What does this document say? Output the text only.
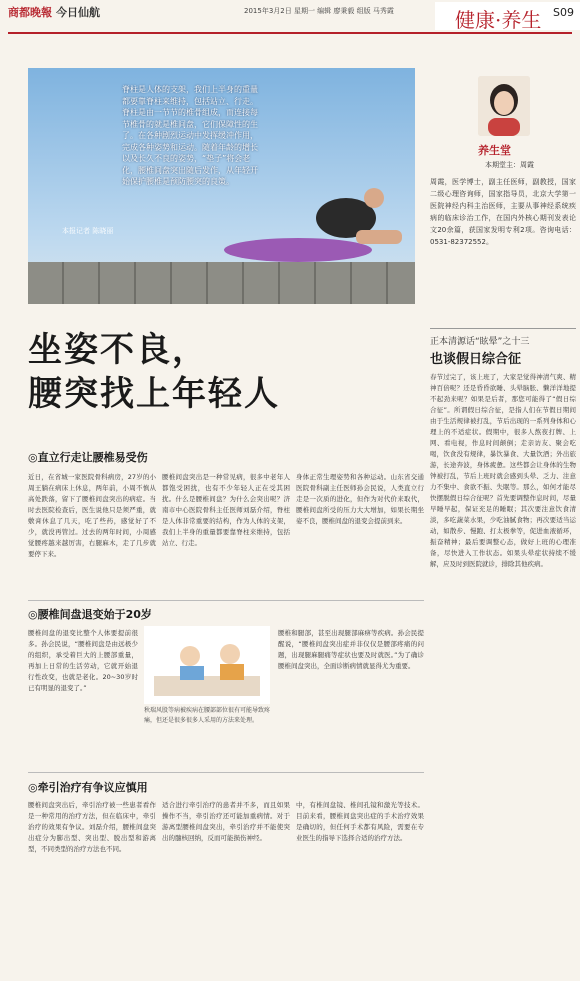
商都晚報 今日仙航	2015年3月2日 星期一 编辑 廖秉毅 组版 马秀霞	健康·养生 S09
脊柱是人体的支架，我们上半身的重量都要靠脊柱来维持，包括站立、行走。脊柱是由一节节的椎骨组成，而连接每节椎骨的就是椎间盘，它们保障性的生了。在各种剧烈运动中发挥缓冲作用，完成各种姿势和运动。随着年龄的增长以及长久不良的姿势，“垫子”将会老化，腰椎间盘突出随后发作，从年轻开始保护腰椎是预防腰突的良策。
本报记者 陈晓丽
坐姿不良，
腰突找上年轻人
◎直立行走让腰椎易受伤
近日，在省城一家医院骨科病房，27岁的小周王躺在病床上休息，两年前，小周不慎从高处跌落，留下了腰椎间盘突出的病症。当时去医院检查后，医生说他只是须严重，就敷膏休息了几天，吃了些药，感觉好了不少，就没再管过。过去的两年时间，小周感觉腰疼越来越厉害，右腿麻木，走了几步就要停下来。
腰椎间盘突出是一种常见病，很多中老年人都饱受困扰，也有不少年轻人正在受其困扰。什么是腰椎间盘？为什么会突出呢？济南市中心医院骨科主任医师刘磊介绍，脊柱是人体非常重要的结构，作为人体的支架，我们上半身的重量都要靠脊柱来维持，包括站立、行走。
身体正常生理姿势和各种运动。山东省交通医院骨科副主任医师孙会民说，人类直立行走是一次质的进化，但作为对代价来取代，腰椎间盘所受的压力大大增加，如果长期坐姿不良，腰椎间盘的退变会提前到来。
◎腰椎间盘退变始于20岁
腰椎间盘的退变比整个人体要提前很多。孙会民说，“腰椎间盘是由远极少的组织，承受着巨大的上腰部重量，再加上日常的生活劳动，它就开始退行性改变，也就是老化。20~30岁时已有明显的退变了。”
秋瑞风股等病被疾病在腰部部位很有可能导致疼痛，但还是很多很多人采用的方法来处理。
腰椎和腿部，甚至出现腿部麻痹等疾病。孙会民提醒说，“腰椎间盘突出症并非仅仅是腰部疼痛的问题，出现腿麻腿痛等症状也要及时就医。”为了确诊腰椎间盘突出，全面诊断病情就显得尤为重要。
◎牵引治疗有争议应慎用
腰椎间盘突出后，牵引治疗被一些患者看作是一种常用的治疗方法，但在临床中，牵引治疗的效果有争议。刘磊介绍，腰椎间盘突出症分为膨出型、突出型、脱出型和游离型，不同类型的治疗方法也不同。
适合进行牵引治疗的患者并不多，而且如果操作不当，牵引治疗还可能加重病情。对于游离型腰椎间盘突出，牵引治疗并不能使突出的髓核回纳，反而可能损伤神经。
中，有椎间盘镜、椎间孔镜和激光等技术。目前来看，腰椎间盘突出症的手术治疗效果是确切的，但任何手术都有风险，需要在专业医生的指导下选择合适的治疗方法。
养生堂
本期堂主：周霞
周霞，医学博士，副主任医师，副教授，国家二级心理咨询师，国家指导员，北京大学第一医院神经内科主治医师，主要从事神经系统疾病的临床诊治工作，在国内外核心期刊发表论文20余篇，获国家发明专利2项。咨询电话：0531-82372552。
正本清源话“眩晕”之十三
也谈假日综合征
春节过完了，该上班了，大家是觉得神清气爽、精神百倍呢？还是昏昏欲睡、头晕脑胀、懒洋洋地提不起劲来呢？如果是后者，那您可能得了“假日综合征”。所谓假日综合征，是指人们在节假日期间由于生活规律被打乱，节后出现的一系列身体和心理上的不适症状。假期中，很多人熬夜打牌、上网、看电视，作息时间颠倒；走亲访友、聚会吃喝，饮食没有规律，暴饮暴食、大量饮酒；外出旅游，长途奔波，身体疲惫。这些都会让身体的生物钟被打乱，节后上班时就会感到头晕、乏力、注意力不集中、食欲不振、失眠等。那么，如何才能尽快摆脱假日综合征呢？首先要调整作息时间，尽量早睡早起，保证充足的睡眠；其次要注意饮食清淡，多吃蔬菜水果，少吃油腻食物；再次要适当运动，如散步、慢跑、打太极拳等，促进血液循环，振奋精神；最后要调整心态，做好上班的心理准备，尽快进入工作状态。如果头晕症状持续不缓解，应及时到医院就诊，排除其他疾病。
